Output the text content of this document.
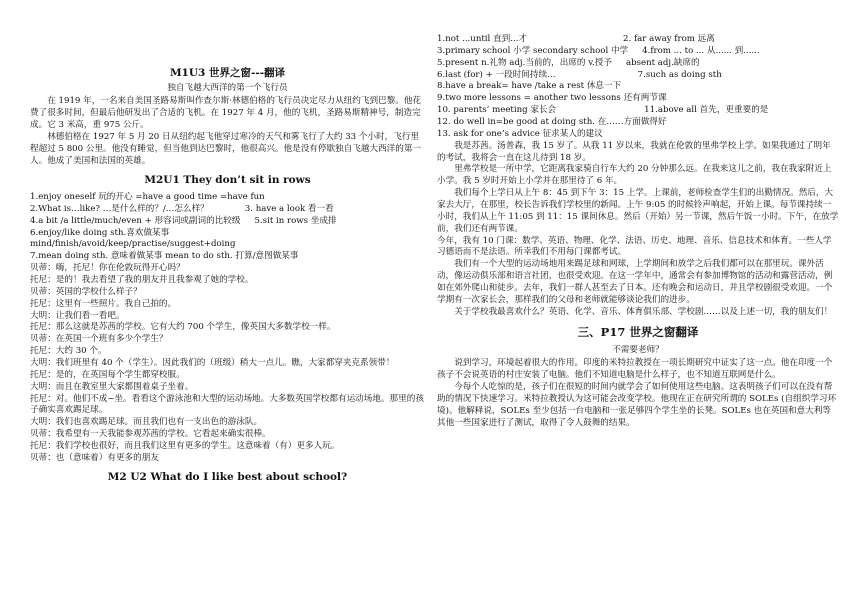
M1U3 世界之窗---翻译

独自飞越大西洋的第一个飞行员

在 1919 年，一名来自美国圣路易斯叫作查尔斯·林德伯格的飞行员决定尽力从纽约飞到巴黎。他花费了很多时间，但最后他研发出了合适的飞机。在 1927 年 4 月，他的飞机，圣路易斯精神号，制造完成。它 3 米高，重 975 公斤。

林德伯格在 1927 年 5 月 20 日从纽约起飞他穿过寒冷的天气和雾飞行了大约 33 个小时，飞行里程超过 5 800 公里。他没有睡觉，但当他到达巴黎时，他很高兴。他是没有停歇独自飞越大西洋的第一人。他成了美国和法国的英雄。

M2U1 They don’t sit in rows

1.enjoy oneself 玩的开心 =have a good time =have fun

2.What is…like? …是什么样的？/…怎么样？	3. have a look 看一看

4.a bit /a little/much/even + 形容词或副词的比较级 5.sit in rows 坐成排

6.enjoy/like doing sth.喜欢做某事

mind/finish/avoid/keep/practise/suggest+doing

7.mean doing sth. 意味着做某事 mean to do sth. 打算/意图做某事

贝蒂：嗨，托尼！你在伦敦玩得开心吗？

托尼：是的！我去看望了我的朋友并且我参观了她的学校。

贝蒂：英国的学校什么样子？

托尼：这里有一些照片。我自己拍的。

大明：让我们看一看吧。

托尼：那么这就是苏茜的学校。它有大约 700 个学生，像英国大多数学校一样。

贝蒂：在英国一个班有多少个学生？

托尼：大约 30 个。

大明：我们班里有 40 个（学生）。因此我们的（班级）稍大一点儿。瞧，大家都穿夹克系领带！

托尼：是的，在英国每个学生都穿校服。

大明：而且在教室里大家都围着桌子坐着。

托尼：对。他们不成~坐。看看这个游泳池和大型的运动场地。大多数英国学校都有运动场地。那里的孩子确实喜欢踢足球。

大明：我们也喜欢踢足球。而且我们也有一支出色的游泳队。

贝蒂：我希望有一天我能参观苏茜的学校。它看起来确实很棒。

托尼：我们学校也很好，而且我们这里有更多的学生。这意味着（有）更多人玩。

贝蒂：也（意味着）有更多的朋友

M2 U2 What do I like best about school?

1.not ...until 直到...才	2. far away from 远离

3.primary school 小学 secondary school 中学 4.from ... to ... 从...... 到......

5.present n.礼物 adj.当前的，出席的 v.授予 absent adj.缺席的

6.last (for) + 一段时间持续…	7.such as doing sth

8.have a break= have /take a rest 休息一下

9.two more lessons = another two lessons 还有两节课

10. parents’ meeting 家长会	11.above all 首先，更重要的是

12. do well in=be good at doing sth. 在……方面做得好

13. ask for one’s advice 征求某人的建议

我是苏茜。汤普森，我 15 岁了。从我 11 岁以来，我就在伦敦的里弗学校上学。如果我通过了明年的考试，我将会一直在这儿待到 18 岁。

里弗学校是一所中学，它距离我家骑自行车大约 20 分钟那么远。在我来这儿之前，我在我家附近上小学。我 5 岁时开始上小学并在那里待了 6 年。

我们每个上学日从上午 8：45 到下午 3：15 上学。上课前，老师检查学生们的出勤情况。然后，大家去大厅，在那里，校长告诉我们学校里的新闻。上午 9:05 的时候铃声响起，开始上课。每节课持续一小时，我们从上午 11:05 到 11：15 课间休息。然后（开始）另一节课，然后午饭一小时。下午，在放学前，我们还有两节课。

今年，我有 10 门课：数学、英语、物理、化学、法语、历史、地理、音乐、信息技术和体育。一些人学习德语而不是法语。所幸我们不用每门课都考试。

我们有一个大型的运动场地用来踢足球和网球，上学期间和放学之后我们都可以在那里玩。课外活动，像运动俱乐部和语言社团，也很受欢迎。在这一学年中，通常会有参加博物馆的活动和露营活动，例如在郊外爬山和徒步。去年，我们一群人甚至去了日本。还有晚会和运动日，并且学校剧很受欢迎。一个学期有一次家长会，那样我们的父母和老师就能够谈论我们的进步。

关于学校我最喜欢什么？英语、化学、音乐、体育俱乐部、学校剧……以及上述一切，我的朋友们！

三、P17 世界之窗翻译

不需要老师？

说到学习，环境起着很大的作用。印度的米特拉教授在一项长期研究中证实了这一点。他在印度一个孩子不会说英语的村庄安装了电脑。他们不知道电脑是什么样子，也不知道互联网是什么。

今每个人吃惊的是，孩子们在很短的时间内就学会了如何使用这些电脑。这表明孩子们可以在没有帮助的情况下快速学习。米特拉教授认为这可能会改变学校。他现在正在研究所谓的 SOLEs (自组织学习环境)。他解释说，SOLEs 至少包括一台电脑和一张足够四个学生坐的长凳。SOLEs 也在英国和意大利等其他一些国家进行了测试，取得了令人鼓舞的结果。
